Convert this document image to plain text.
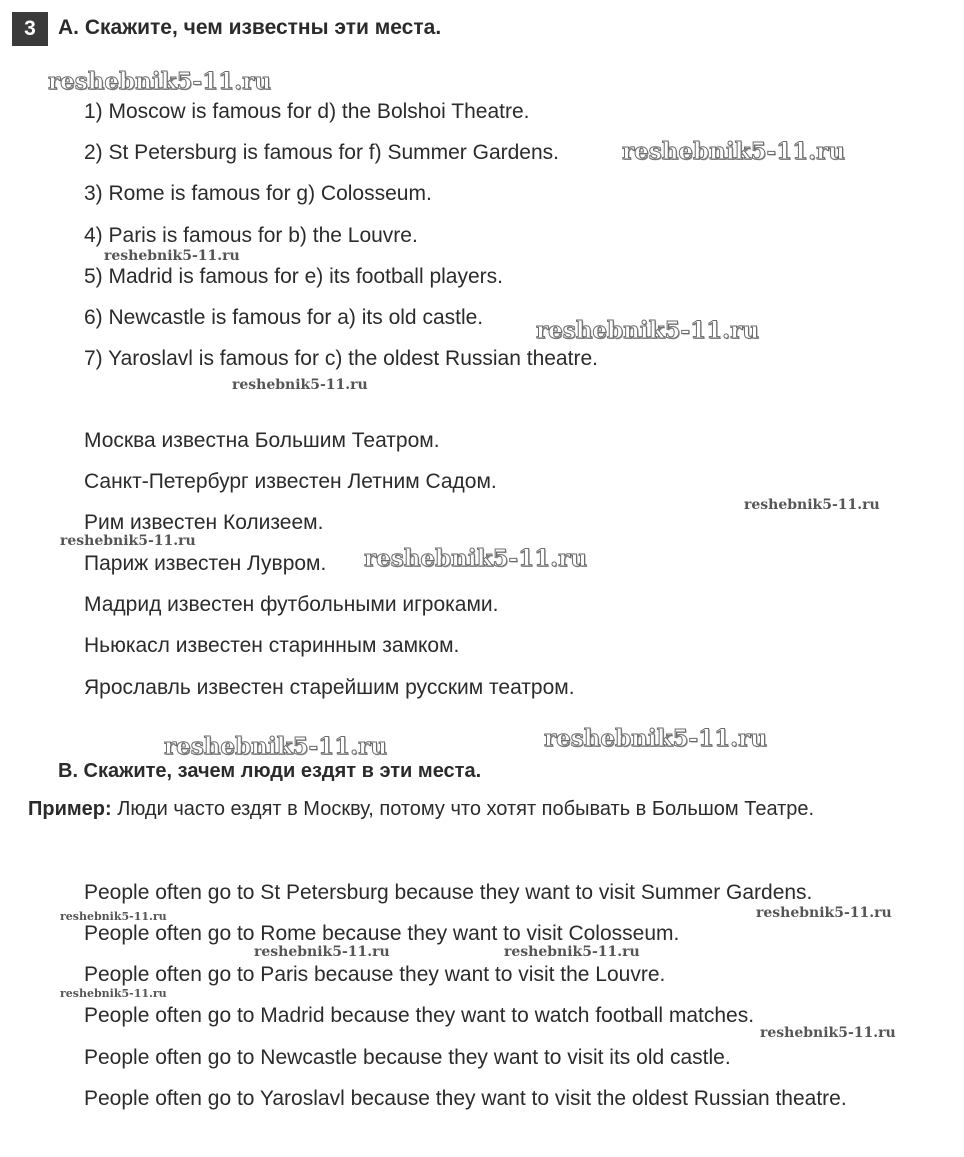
3	A. Скажите, чем известны эти места.
1) Moscow is famous for d) the Bolshoi Theatre.
2) St Petersburg is famous for f) Summer Gardens.
3) Rome is famous for g) Colosseum.
4) Paris is famous for b) the Louvre.
5) Madrid is famous for e) its football players.
6) Newcastle is famous for a) its old castle.
7) Yaroslavl is famous for c) the oldest Russian theatre.
Москва известна Большим Театром.
Санкт-Петербург известен Летним Садом.
Рим известен Колизеем.
Париж известен Лувром.
Мадрид известен футбольными игроками.
Ньюкасл известен старинным замком.
Ярославль известен старейшим русским театром.
B. Скажите, зачем люди ездят в эти места.
Пример: Люди часто ездят в Москву, потому что хотят побывать в Большом Театре.
People often go to St Petersburg because they want to visit Summer Gardens.
People often go to Rome because they want to visit Colosseum.
People often go to Paris because they want to visit the Louvre.
People often go to Madrid because they want to watch football matches.
People often go to Newcastle because they want to visit its old castle.
People often go to Yaroslavl because they want to visit the oldest Russian theatre.
reshebnik5-11.ru
reshebnik5-11.ru
reshebnik5-11.ru
reshebnik5-11.ru
reshebnik5-11.ru
reshebnik5-11.ru
reshebnik5-11.ru
reshebnik5-11.ru
reshebnik5-11.ru	reshebnik5-11.ru
reshebnik5-11.ru	reshebnik5-11.ru
reshebnik5-11.ru	reshebnik5-11.ru
reshebnik5-11.ru
reshebnik5-11.ru
